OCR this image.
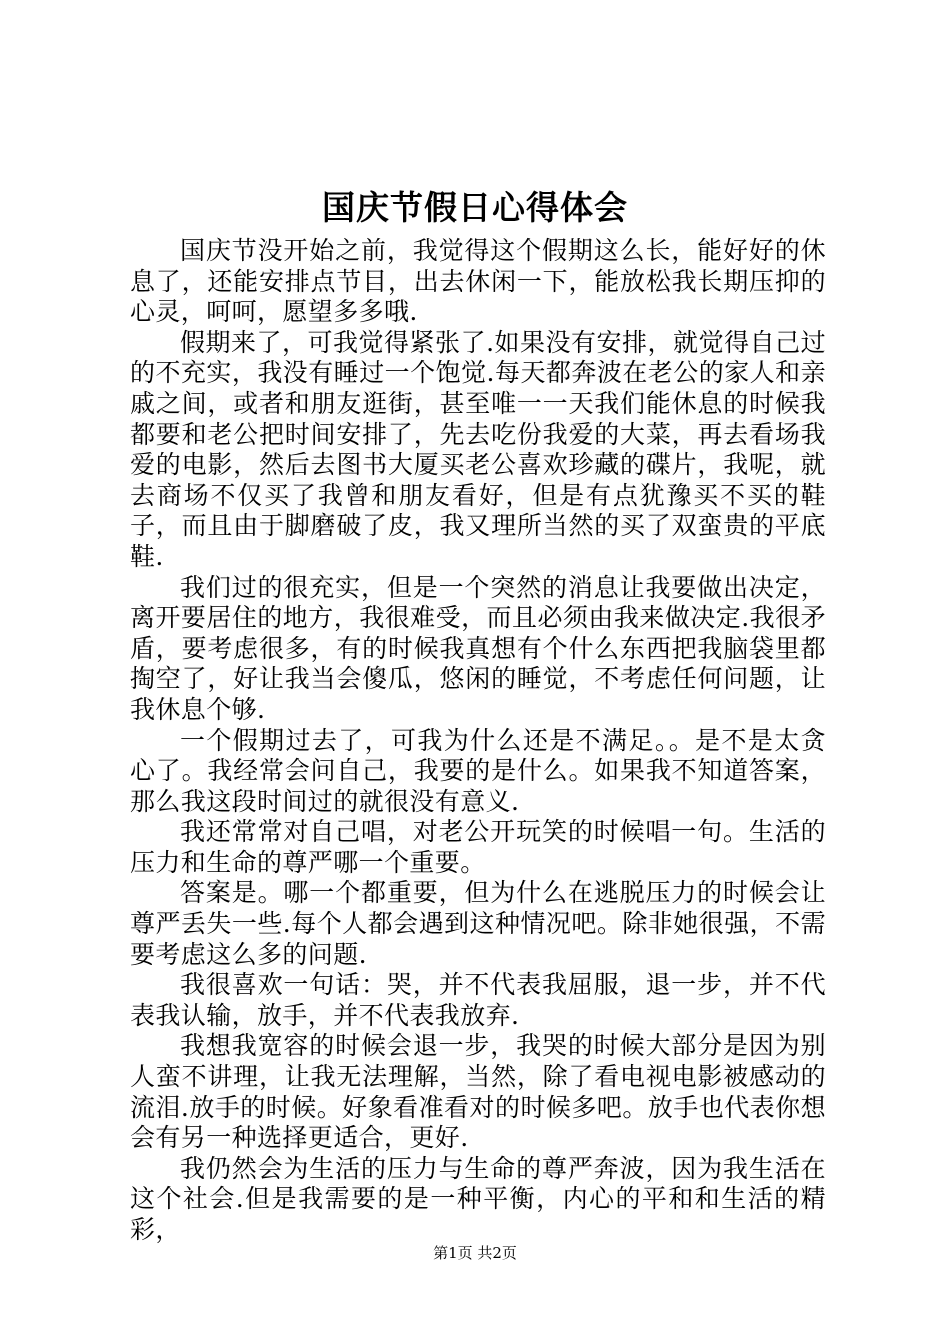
国庆节假日心得体会

国庆节没开始之前，我觉得这个假期这么长，能好好的休息了，还能安排点节目，出去休闲一下，能放松我长期压抑的心灵，呵呵，愿望多多哦.

假期来了，可我觉得紧张了.如果没有安排，就觉得自己过的不充实，我没有睡过一个饱觉.每天都奔波在老公的家人和亲戚之间，或者和朋友逛街，甚至唯一一天我们能休息的时候我都要和老公把时间安排了，先去吃份我爱的大菜，再去看场我爱的电影，然后去图书大厦买老公喜欢珍藏的碟片，我呢，就去商场不仅买了我曾和朋友看好，但是有点犹豫买不买的鞋子，而且由于脚磨破了皮，我又理所当然的买了双蛮贵的平底鞋.

我们过的很充实，但是一个突然的消息让我要做出决定，离开要居住的地方，我很难受，而且必须由我来做决定.我很矛盾，要考虑很多，有的时候我真想有个什么东西把我脑袋里都掏空了，好让我当会傻瓜，悠闲的睡觉，不考虑任何问题，让我休息个够.

一个假期过去了，可我为什么还是不满足。。是不是太贪心了。我经常会问自己，我要的是什么。如果我不知道答案，那么我这段时间过的就很没有意义.

我还常常对自己唱，对老公开玩笑的时候唱一句。生活的压力和生命的尊严哪一个重要。

答案是。哪一个都重要，但为什么在逃脱压力的时候会让尊严丢失一些.每个人都会遇到这种情况吧。除非她很强，不需要考虑这么多的问题.

我很喜欢一句话：哭，并不代表我屈服，退一步，并不代表我认输，放手，并不代表我放弃.

我想我宽容的时候会退一步，我哭的时候大部分是因为别人蛮不讲理，让我无法理解，当然，除了看电视电影被感动的流泪.放手的时候。好象看准看对的时候多吧。放手也代表你想会有另一种选择更适合，更好.

我仍然会为生活的压力与生命的尊严奔波，因为我生活在这个社会.但是我需要的是一种平衡，内心的平和和生活的精彩，

第1页 共2页
